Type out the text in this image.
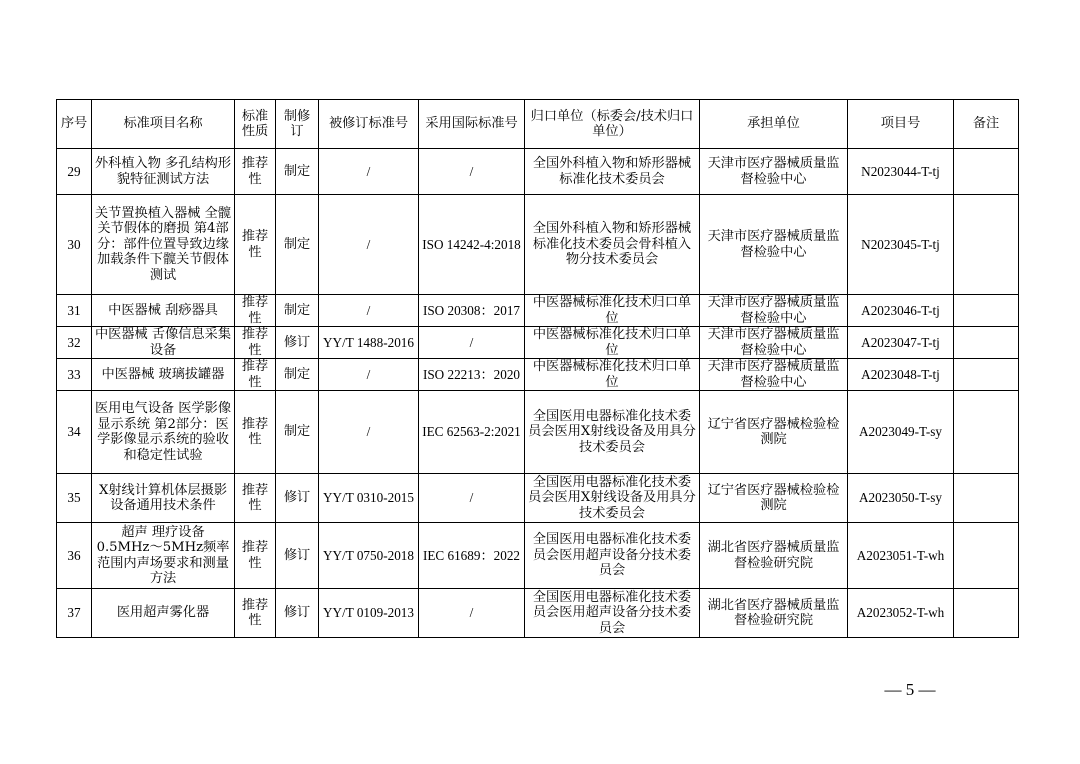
序号	标准项目名称	标准性质	制修订	被修订标准号	采用国际标准号	归口单位（标委会/技术归口单位）	承担单位	项目号	备注
29	外科植入物 多孔结构形貌特征测试方法	推荐性	制定	/	/	全国外科植入物和矫形器械标准化技术委员会	天津市医疗器械质量监督检验中心	N2023044-T-tj	
30	关节置换植入器械 全髋关节假体的磨损 第4部分：部件位置导致边缘加载条件下髋关节假体测试	推荐性	制定	/	ISO 14242-4:2018	全国外科植入物和矫形器械标准化技术委员会骨科植入物分技术委员会	天津市医疗器械质量监督检验中心	N2023045-T-tj	
31	中医器械 刮痧器具	推荐性	制定	/	ISO 20308：2017	中医器械标准化技术归口单位	天津市医疗器械质量监督检验中心	A2023046-T-tj	
32	中医器械 舌像信息采集设备	推荐性	修订	YY/T 1488-2016	/	中医器械标准化技术归口单位	天津市医疗器械质量监督检验中心	A2023047-T-tj	
33	中医器械 玻璃拔罐器	推荐性	制定	/	ISO 22213：2020	中医器械标准化技术归口单位	天津市医疗器械质量监督检验中心	A2023048-T-tj	
34	医用电气设备 医学影像显示系统 第2部分：医学影像显示系统的验收和稳定性试验	推荐性	制定	/	IEC 62563-2:2021	全国医用电器标准化技术委员会医用X射线设备及用具分技术委员会	辽宁省医疗器械检验检测院	A2023049-T-sy	
35	X射线计算机体层摄影设备通用技术条件	推荐性	修订	YY/T 0310-2015	/	全国医用电器标准化技术委员会医用X射线设备及用具分技术委员会	辽宁省医疗器械检验检测院	A2023050-T-sy	
36	超声 理疗设备 0.5MHz～5MHz频率范围内声场要求和测量方法	推荐性	修订	YY/T 0750-2018	IEC 61689：2022	全国医用电器标准化技术委员会医用超声设备分技术委员会	湖北省医疗器械质量监督检验研究院	A2023051-T-wh	
37	医用超声雾化器	推荐性	修订	YY/T 0109-2013	/	全国医用电器标准化技术委员会医用超声设备分技术委员会	湖北省医疗器械质量监督检验研究院	A2023052-T-wh	
— 5 —
